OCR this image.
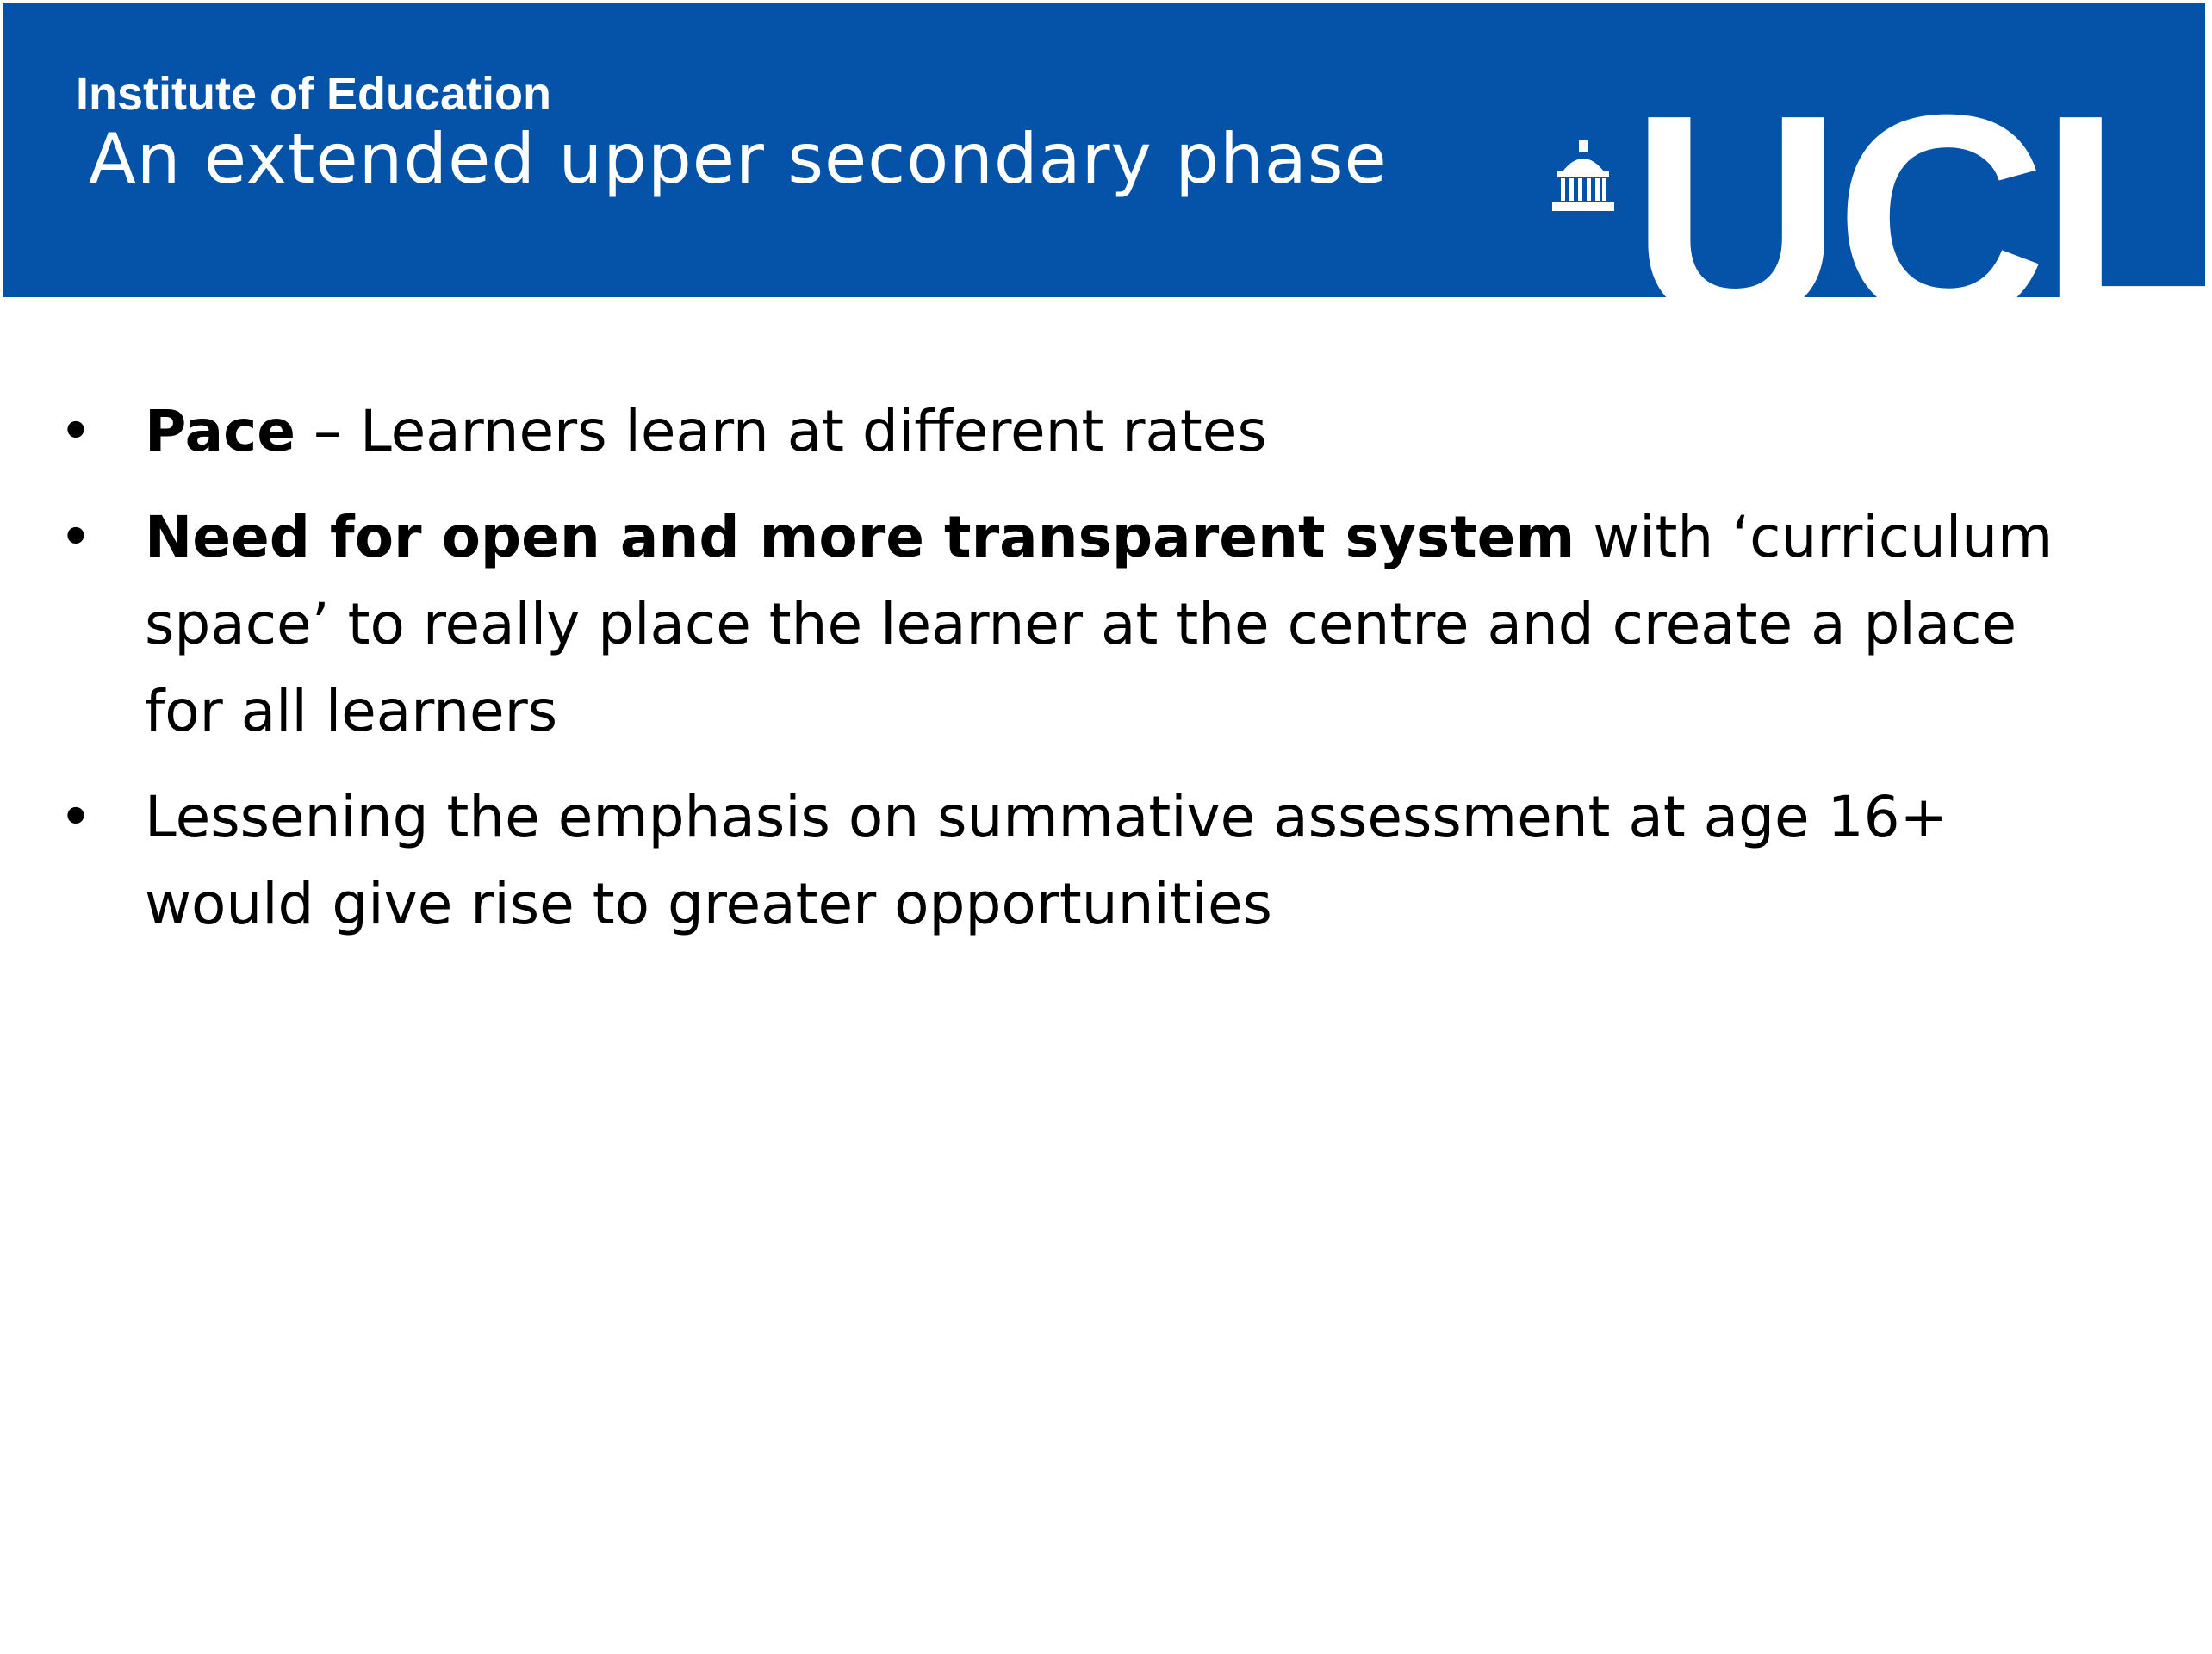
Institute of Education

An extended upper secondary phase UCL
• Pace – Learners learn at different rates
• Need for open and more transparent system with ‘curriculum space’ to really place the learner at the centre and create a place for all learners
• Lessening the emphasis on summative assessment at age 16+ would give rise to greater opportunities
